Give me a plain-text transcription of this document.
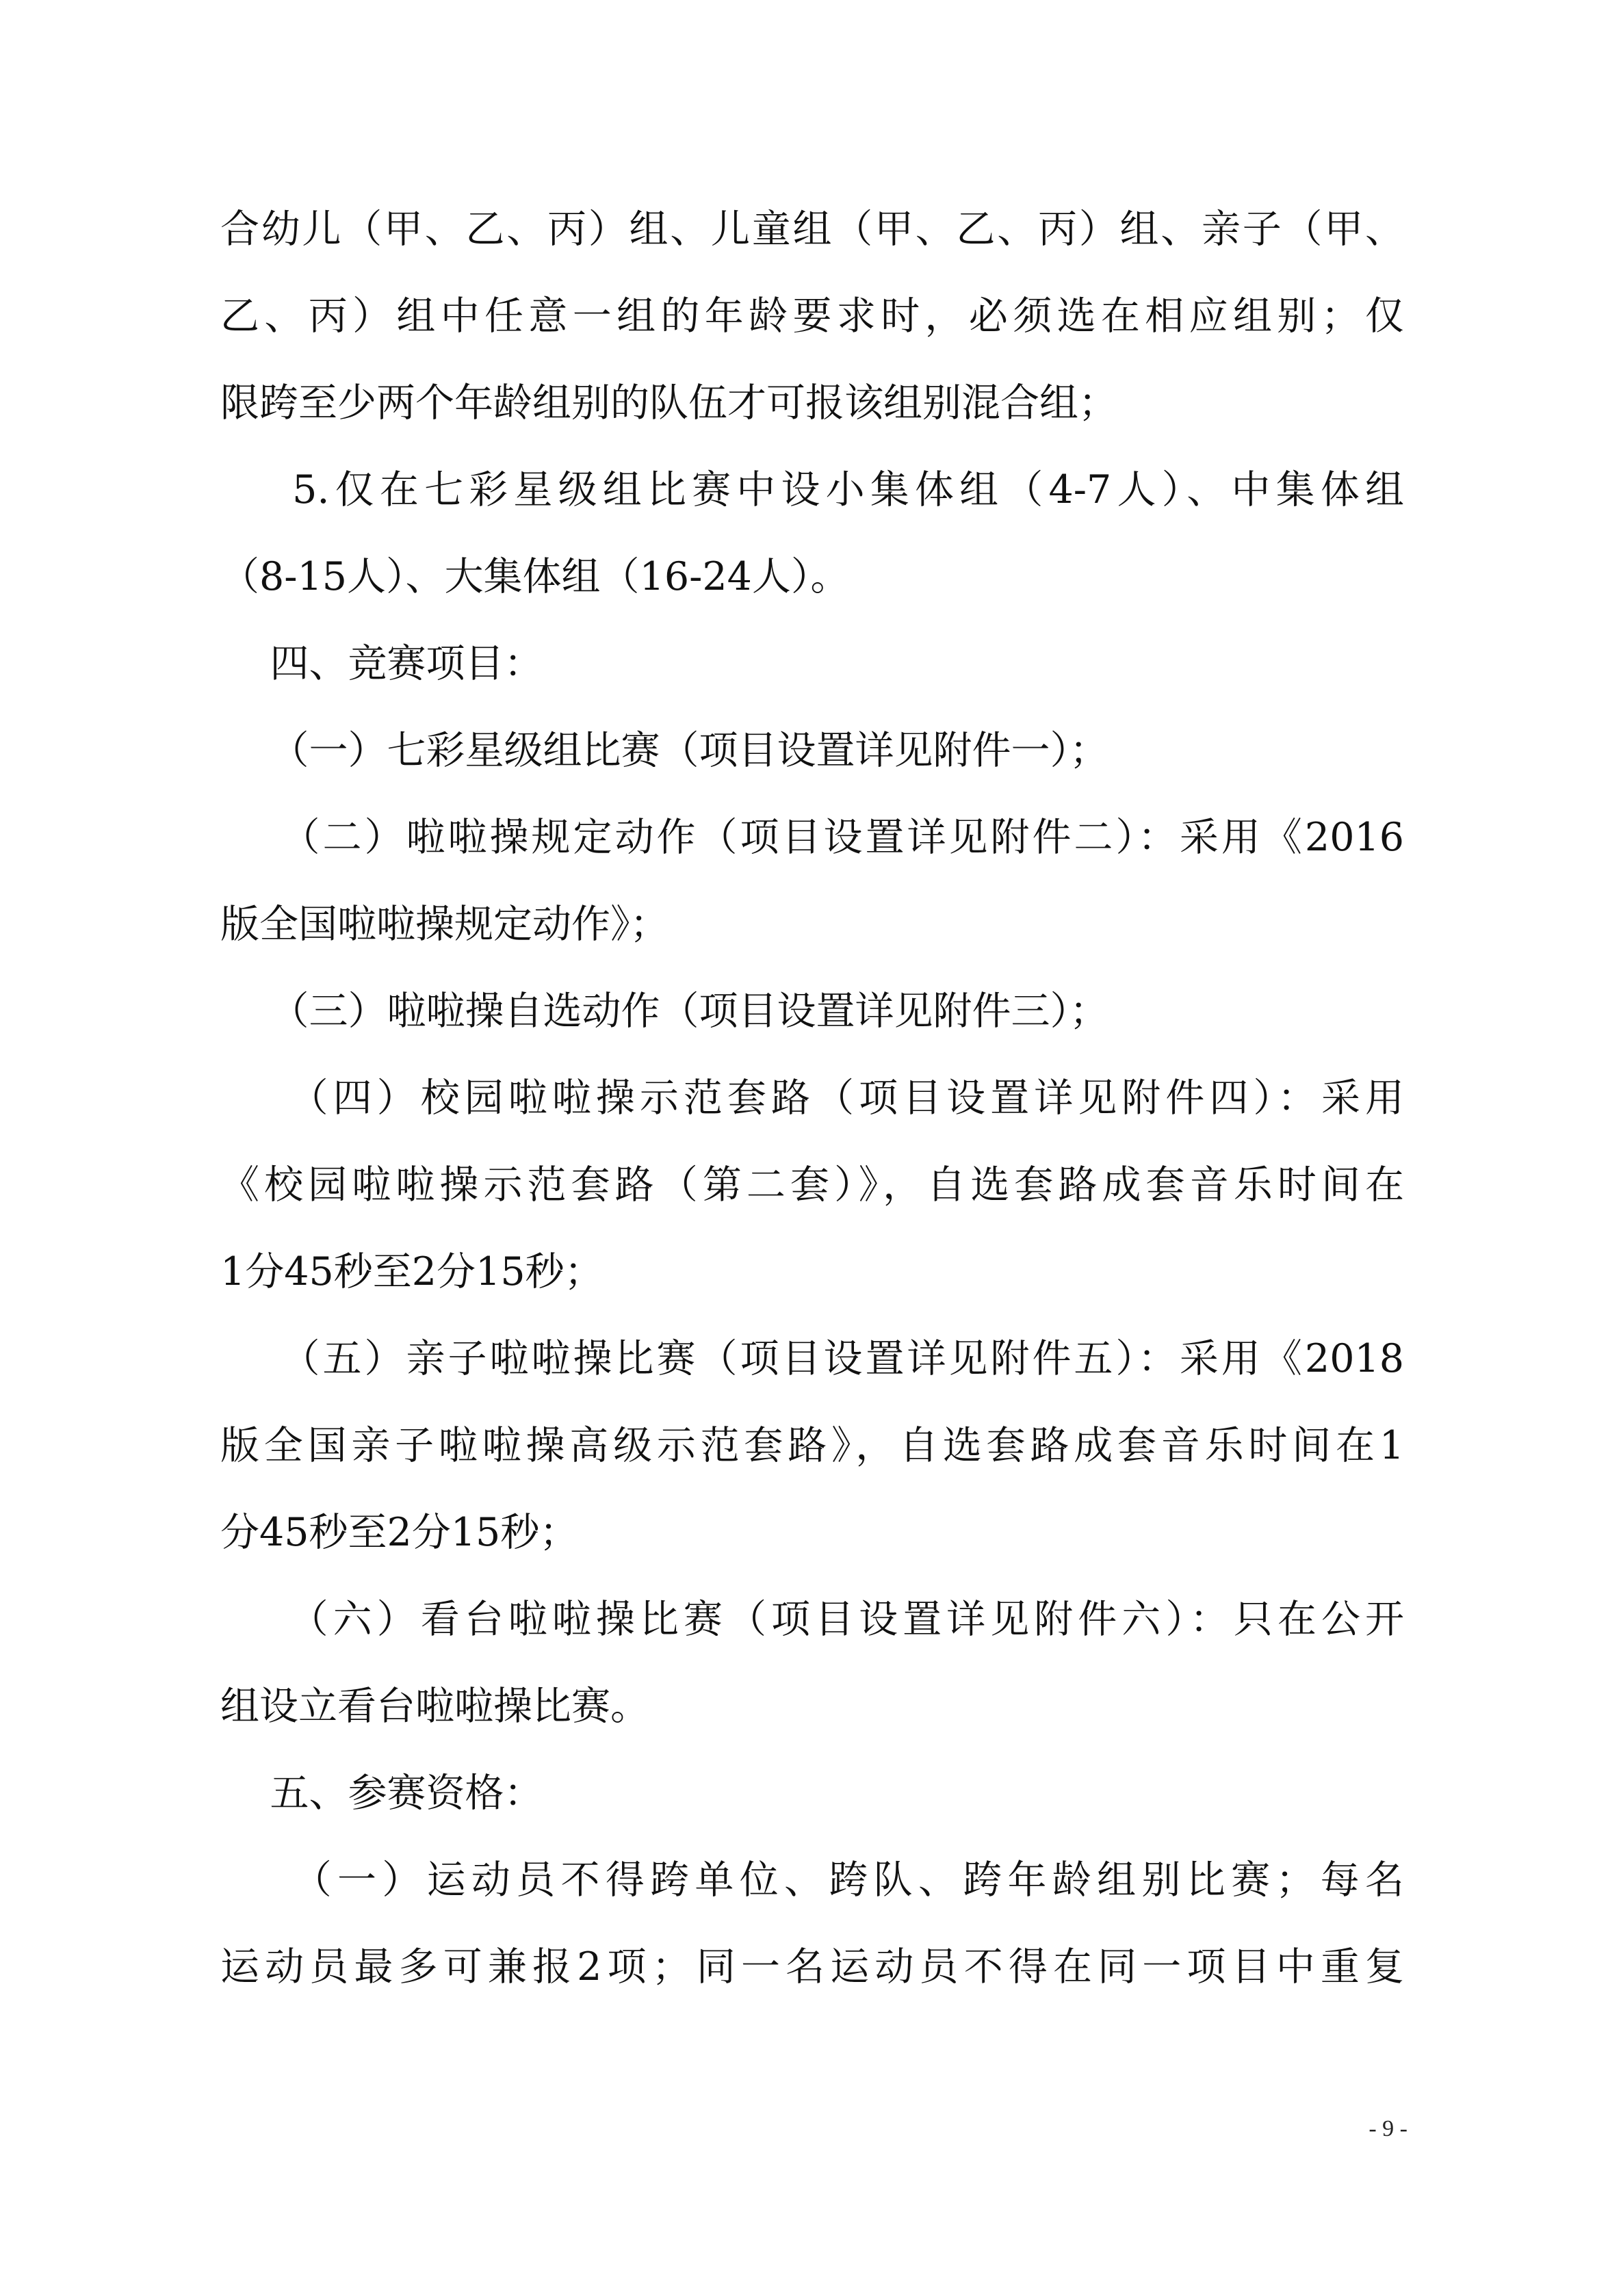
合幼儿（甲、乙、丙）组、儿童组（甲、乙、丙）组、亲子（甲、
乙、丙）组中任意一组的年龄要求时，必须选在相应组别；仅
限跨至少两个年龄组别的队伍才可报该组别混合组；
5.仅在七彩星级组比赛中设小集体组（4-7人）、中集体组
（8-15人）、大集体组（16-24人）。
四、竞赛项目：
（一）七彩星级组比赛（项目设置详见附件一）；
（二）啦啦操规定动作（项目设置详见附件二）：采用《2016
版全国啦啦操规定动作》；
（三）啦啦操自选动作（项目设置详见附件三）；
（四）校园啦啦操示范套路（项目设置详见附件四）：采用
《校园啦啦操示范套路（第二套）》，自选套路成套音乐时间在
1分45秒至2分15秒；
（五）亲子啦啦操比赛（项目设置详见附件五）：采用《2018
版全国亲子啦啦操高级示范套路》，自选套路成套音乐时间在1
分45秒至2分15秒；
（六）看台啦啦操比赛（项目设置详见附件六）：只在公开
组设立看台啦啦操比赛。
五、参赛资格：
（一）运动员不得跨单位、跨队、跨年龄组别比赛；每名
运动员最多可兼报2项；同一名运动员不得在同一项目中重复
- 9 -
